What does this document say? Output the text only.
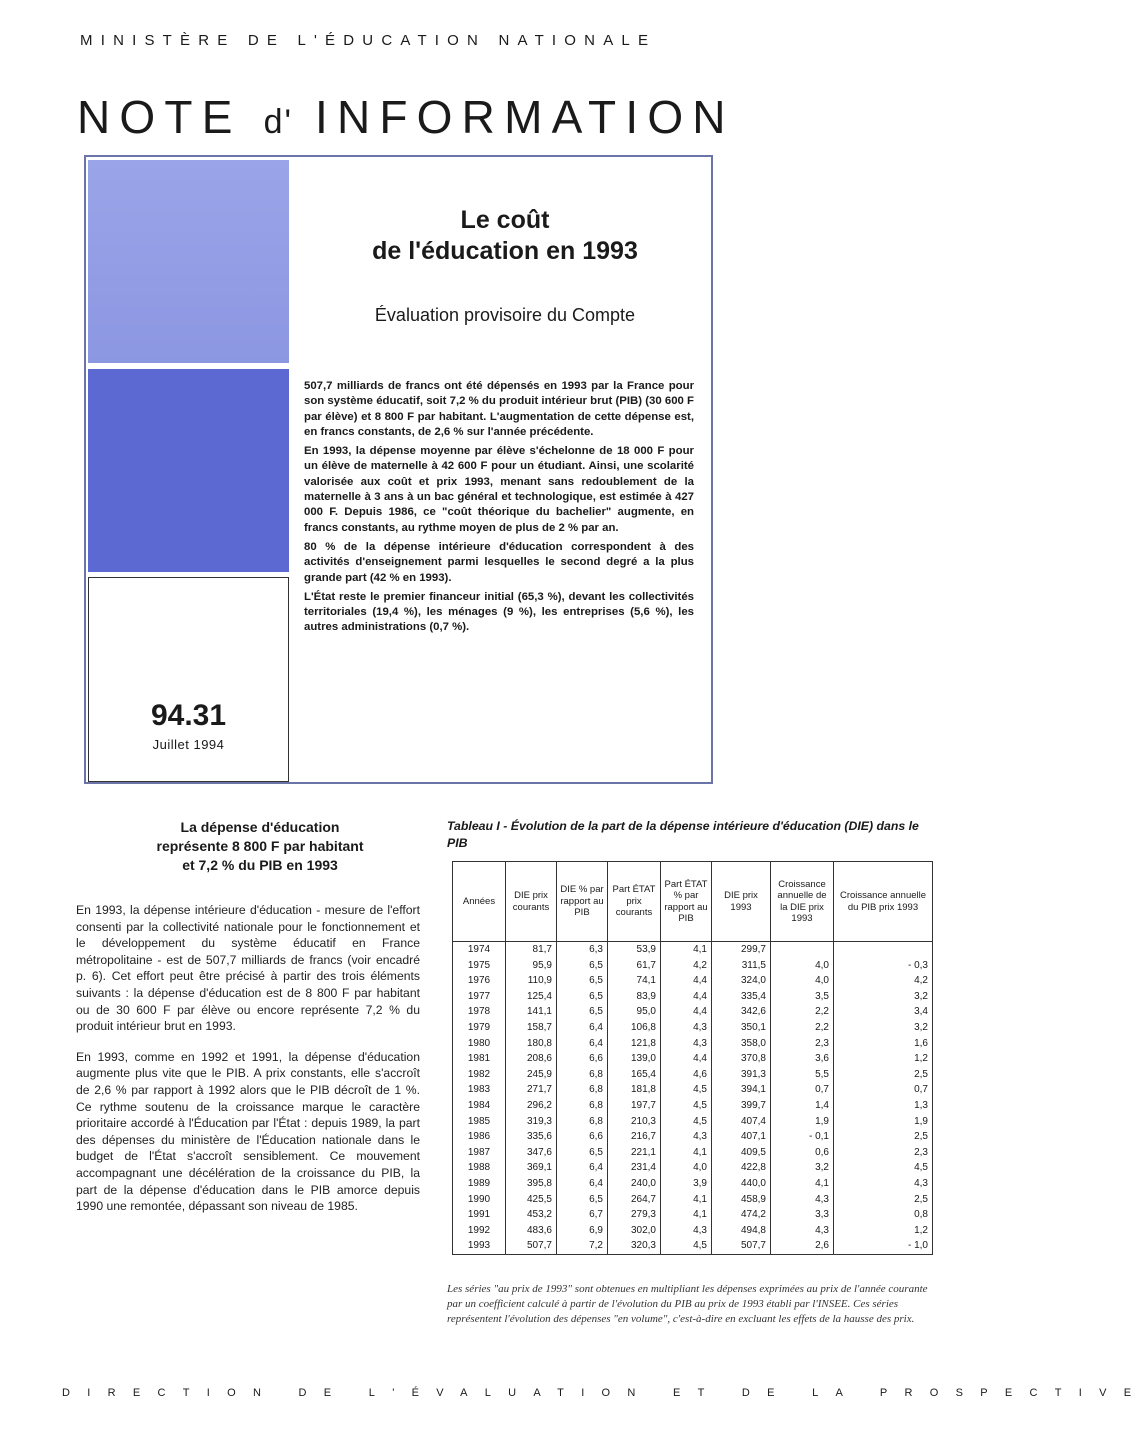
MINISTÈRE DE L'ÉDUCATION NATIONALE
NOTE d' INFORMATION
94.31
Juillet 1994
Le coût
de l'éducation en 1993
Évaluation provisoire du Compte

507,7 milliards de francs ont été dépensés en 1993 par la France pour son système éducatif, soit 7,2 % du produit intérieur brut (PIB) (30 600 F par élève) et 8 800 F par habitant. L'augmentation de cette dépense est, en francs constants, de 2,6 % sur l'année précédente.

En 1993, la dépense moyenne par élève s'échelonne de 18 000 F pour un élève de maternelle à 42 600 F pour un étudiant. Ainsi, une scolarité valorisée aux coût et prix 1993, menant sans redoublement de la maternelle à 3 ans à un bac général et technologique, est estimée à 427 000 F. Depuis 1986, ce "coût théorique du bachelier" augmente, en francs constants, au rythme moyen de plus de 2 % par an.

80 % de la dépense intérieure d'éducation correspondent à des activités d'enseignement parmi lesquelles le second degré a la plus grande part (42 % en 1993).

L'État reste le premier financeur initial (65,3 %), devant les collectivités territoriales (19,4 %), les ménages (9 %), les entreprises (5,6 %), les autres administrations (0,7 %).

La dépense d'éducation
représente 8 800 F par habitant
et 7,2 % du PIB en 1993

En 1993, la dépense intérieure d'éducation - mesure de l'effort consenti par la collectivité nationale pour le fonctionnement et le développement du système éducatif en France métropolitaine - est de 507,7 milliards de francs (voir encadré p. 6). Cet effort peut être précisé à partir des trois éléments suivants : la dépense d'éducation est de 8 800 F par habitant ou de 30 600 F par élève ou encore représente 7,2 % du produit intérieur brut en 1993.

En 1993, comme en 1992 et 1991, la dépense d'éducation augmente plus vite que le PIB. A prix constants, elle s'accroît de 2,6 % par rapport à 1992 alors que le PIB décroît de 1 %. Ce rythme soutenu de la croissance marque le caractère prioritaire accordé à l'Éducation par l'État : depuis 1989, la part des dépenses du ministère de l'Éducation nationale dans le budget de l'État s'accroît sensiblement. Ce mouvement accompagnant une décélération de la croissance du PIB, la part de la dépense d'éducation dans le PIB amorce depuis 1990 une remontée, dépassant son niveau de 1985.

Tableau I - Évolution de la part de la dépense intérieure d'éducation (DIE) dans le PIB
Années	DIE prix courants	DIE % par rapport au PIB	Part ÉTAT prix courants	Part ÉTAT % par rapport au PIB	DIE prix 1993	Croissance annuelle de la DIE prix 1993	Croissance annuelle du PIB prix 1993
1974	81,7	6,3	53,9	4,1	299,7		
1975	95,9	6,5	61,7	4,2	311,5	4,0	- 0,3
1976	110,9	6,5	74,1	4,4	324,0	4,0	4,2
1977	125,4	6,5	83,9	4,4	335,4	3,5	3,2
1978	141,1	6,5	95,0	4,4	342,6	2,2	3,4
1979	158,7	6,4	106,8	4,3	350,1	2,2	3,2
1980	180,8	6,4	121,8	4,3	358,0	2,3	1,6
1981	208,6	6,6	139,0	4,4	370,8	3,6	1,2
1982	245,9	6,8	165,4	4,6	391,3	5,5	2,5
1983	271,7	6,8	181,8	4,5	394,1	0,7	0,7
1984	296,2	6,8	197,7	4,5	399,7	1,4	1,3
1985	319,3	6,8	210,3	4,5	407,4	1,9	1,9
1986	335,6	6,6	216,7	4,3	407,1	- 0,1	2,5
1987	347,6	6,5	221,1	4,1	409,5	0,6	2,3
1988	369,1	6,4	231,4	4,0	422,8	3,2	4,5
1989	395,8	6,4	240,0	3,9	440,0	4,1	4,3
1990	425,5	6,5	264,7	4,1	458,9	4,3	2,5
1991	453,2	6,7	279,3	4,1	474,2	3,3	0,8
1992	483,6	6,9	302,0	4,3	494,8	4,3	1,2
1993	507,7	7,2	320,3	4,5	507,7	2,6	- 1,0
Les séries "au prix de 1993" sont obtenues en multipliant les dépenses exprimées au prix de l'année courante par un coefficient calculé à partir de l'évolution du PIB au prix de 1993 établi par l'INSEE. Ces séries représentent l'évolution des dépenses "en volume", c'est-à-dire en excluant les effets de la hausse des prix.
DIRECTION DE L'ÉVALUATION ET DE LA PROSPECTIVE
